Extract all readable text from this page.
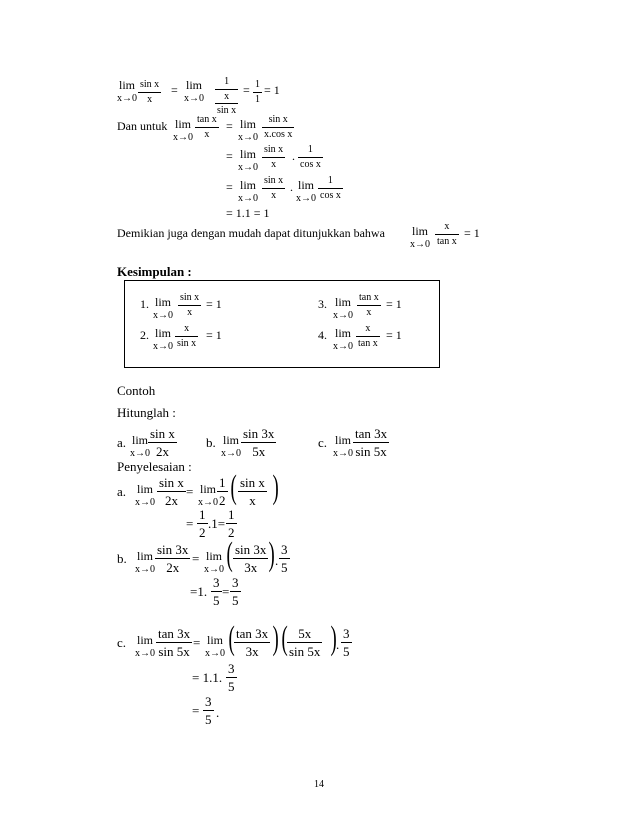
lim
x→0
sin x
x
= lim
x→0
1
x
sin x
= 1
1
= 1
Dan untuk lim
x→0
tan x
x
= lim
x→0
sin x
x.cos x
= lim
x→0
sin x
x
. 1
cos x
= lim
x→0
sin x
x
. lim
x→0
1
cos x
= 1.1 = 1
Demikian juga dengan mudah dapat ditunjukkan bahwa lim
x→0
x
tan x
= 1
Kesimpulan :
1. lim
x→0
sin x
x
= 1
2. lim
x→0
x
sin x
= 1
3. lim
x→0
tan x
x
= 1
4. lim
x→0
x
tan x
= 1
Contoh
Hitunglah :
a. lim
x→0
sin x
2x
b. lim
x→0
sin 3x
5x
c. lim
x→0
tan 3x
sin 5x
Penyelesaian :
a. lim
x→0
sin x
2x
= lim
x→0
1
2 ( sin x
x )
=
1
2
.1=
1
2
b. lim
x→0
sin 3x
2x
= lim
x→0 ( sin 3x
3x ) .
3
5
=1.
3
5
=
3
5
c. lim
x→0
tan 3x
sin 5x
= lim
x→0 ( tan 3x
3x ) ( 5x
sin 5x ) .
3
5
= 1.1.
3
5
=
3
5 .
14
